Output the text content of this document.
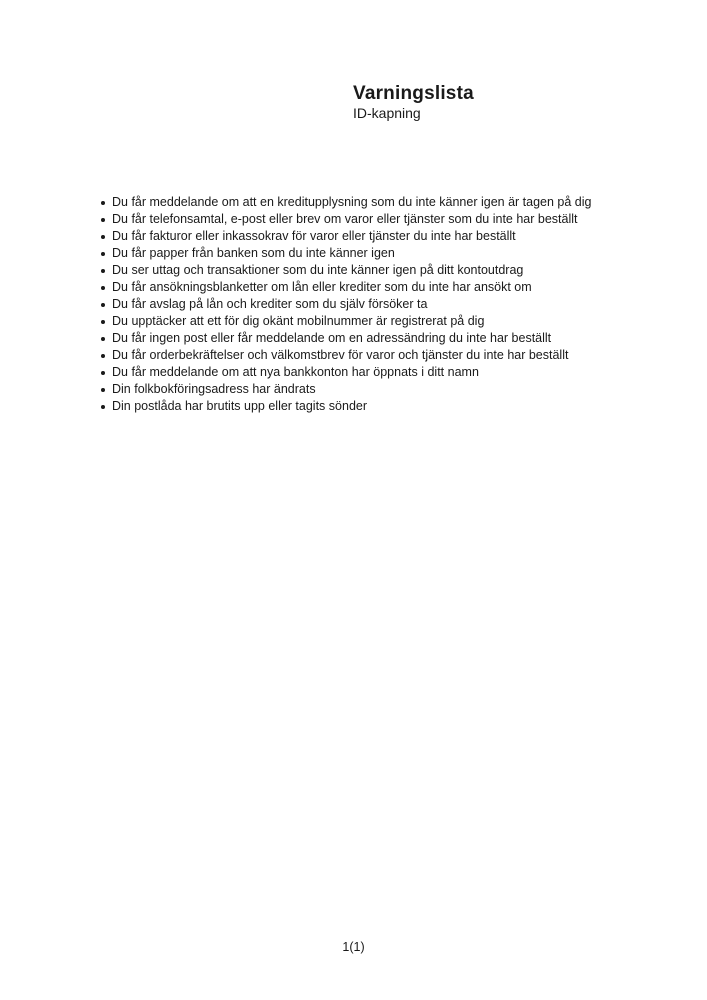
Varningslista
ID-kapning
Du får meddelande om att en kreditupplysning som du inte känner igen är tagen på dig
Du får telefonsamtal, e-post eller brev om varor eller tjänster som du inte har beställt
Du får fakturor eller inkassokrav för varor eller tjänster du inte har beställt
Du får papper från banken som du inte känner igen
Du ser uttag och transaktioner som du inte känner igen på ditt kontoutdrag
Du får ansökningsblanketter om lån eller krediter som du inte har ansökt om
Du får avslag på lån och krediter som du själv försöker ta
Du upptäcker att ett för dig okänt mobilnummer är registrerat på dig
Du får ingen post eller får meddelande om en adressändring du inte har beställt
Du får orderbekräftelser och välkomstbrev för varor och tjänster du inte har beställt
Du får meddelande om att nya bankkonton har öppnats i ditt namn
Din folkbokföringsadress har ändrats
Din postlåda har brutits upp eller tagits sönder
1(1)
